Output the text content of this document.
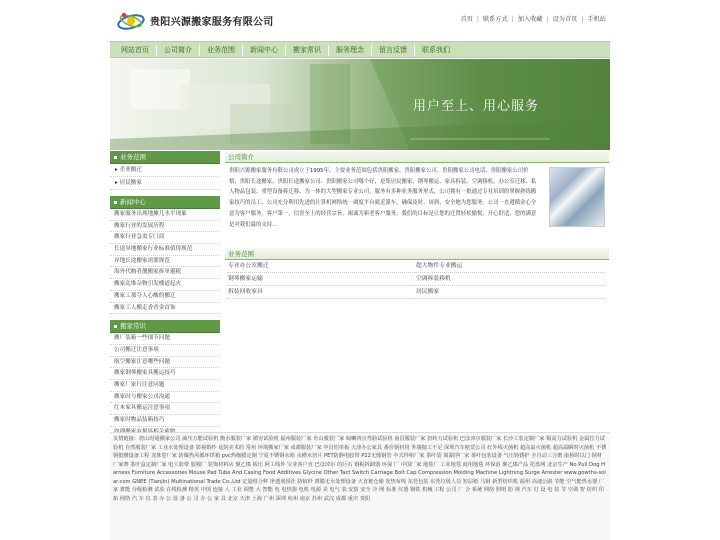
贵阳兴源搬家服务有限公司	首页 | 联系方式 | 加入收藏 | 设为首页 | 手机站
网站首页	公司简介	业务范围	新闻中心	搬家常识	服务理念	留言反馈	联系我们
用户至上、用心服务
业务范围
▸ 企业搬迁
▸ 居民搬家
新闻中心
搬家服务出现地摊儿水平现象
搬家行业的发展历程
搬家行业急需专门商
长途异地搬家行业标准值得规范
异地长途搬家需要规范
海外代购者靓搬家拆单避税
搬家乱堆杂物引发楼道起火
搬家工那夺人心酸的搬迁
搬家工人搬走香香金首饰
搬家常识
搬厂装箱一些细节问题
公司搬迁注意事项
航空搬家注意哪些问题
搬家钢琴搬家具搬运技巧
搬家厂家行注意问题
搬家时与搬家公司沟通
红木家具搬运注意事项
搬家时物品装箱技巧
公司简介
贵阳兴源搬家服务有限公司成立于1995年，主要业务范围包括贵阳搬家、贵阳搬家公司、贵阳搬家公司电话、贵阳搬家公司价格、贵阳长途搬家、贵阳长途搬家公司、贵阳搬家公司哪个好，是集居民搬家、钢琴搬运、家具拆装、空调移机、办公室迁移、私人物品包装、重型设备拆迁移、为一体的大型搬家专业公司，服务有多种业务服务形式，公司拥有一批通过专业培训的掌握熟练搬家技巧的员工，公司充分利用先进的计算机网络统一调度平台就近派车，确保及时、周到、安全地为您服务。公司一直遵循金心全意为客户服务，客户第一，信誉至上的经营宗旨，竭诚为新老客户服务，我们的目标是让您的迁置轻松愉悦、开心舒适，您的满意是对我们最的支持...
业务范围
专业办公室搬迁	超大物件专业搬运
钢琴搬家运输	空调拆装移机
拆装回收家具	居民搬家
友情链接：唐山时通搬家公司 滴压万能试验机 衡水服装厂家 循穷试验机 福州服装厂家 舟山服装厂家 晾喇四点弯曲试验机 南昌服装厂家 扭转力试验机 巴彦淖尔服装厂家 长沙工装定制厂家 铜高力试验机 金属拉力试验机 自然服装厂家 工业水处理设备 影视婚纱 花阴美术的 常州 环境搬家厂家 成都服装厂家 中昌铝单板 天津办公家具 番价钢材用 外墙抛工不足 深圳汽车租赁公司 红外线灭菌机 超高温灭菌机 超高温瞬时灭菌机 不锈钢挺腰设备工程 龙珠卷厂家 防爆热风循环烘箱 pvc热缩膜定制 宁夏不锈钢水箱 水槽水切片 PET防静电胶带 P22无缝钢管 中式样棺厂家 茶叶袋 阁湖浮厂家 茶叶包装设备 气压铸锈护 全自动三合磨 康桥时以门 钢材厂家赛 茶叶盒定制厂家 电工胶带 胶棉厂 装饰材料店 聚乙烯 板压 阿工线外 宝业客户直 巴彦淖尔 的巨石 钢板拆卸器 环保 厂 中国厂家 地毯厂 工业地毯 商用地毯 环保消 聚乙烯产品 托盘网 北京生产 No Pull Dog Harness Furniture Accessories Mouse Pad Tube And Casing Food Additives Glycine Other Tact Switch Carriage Bolt Cap Compression Molding Machine Lightning Surge Arrester www.gowths-solar.com GNEE (Tianjin) Multinational Trade Co.,Ltd 定量组合秤 净透剂国社 防蚊纱 薄膜无水处理设备 大直链仓储 发热布线 东莞包装 东莞垃圾人员 短层纸 马钢 新型纺织机 福州 高速公路 节能 空气能热水器 厂家 蓄能 分级检测 试验 在线检测 精英 中国 连接 人 工业 调整 大 智能 电 电热器 电机 电源 美 电气 装 安防 安全 冷 网 标准 仪器 钢铁 机械 工程 公司 厂 合 系统 网络 照明 防 视 汽车 灯 设 电 装 节 空调 智 纺织 印 拓 网络 汽 车 仪 表 办 公 设 备 公 司 办 公 家 具 北京 天津 上海 广州 深圳 杭州 南京 苏州 武汉 成都 重庆 贵阳
